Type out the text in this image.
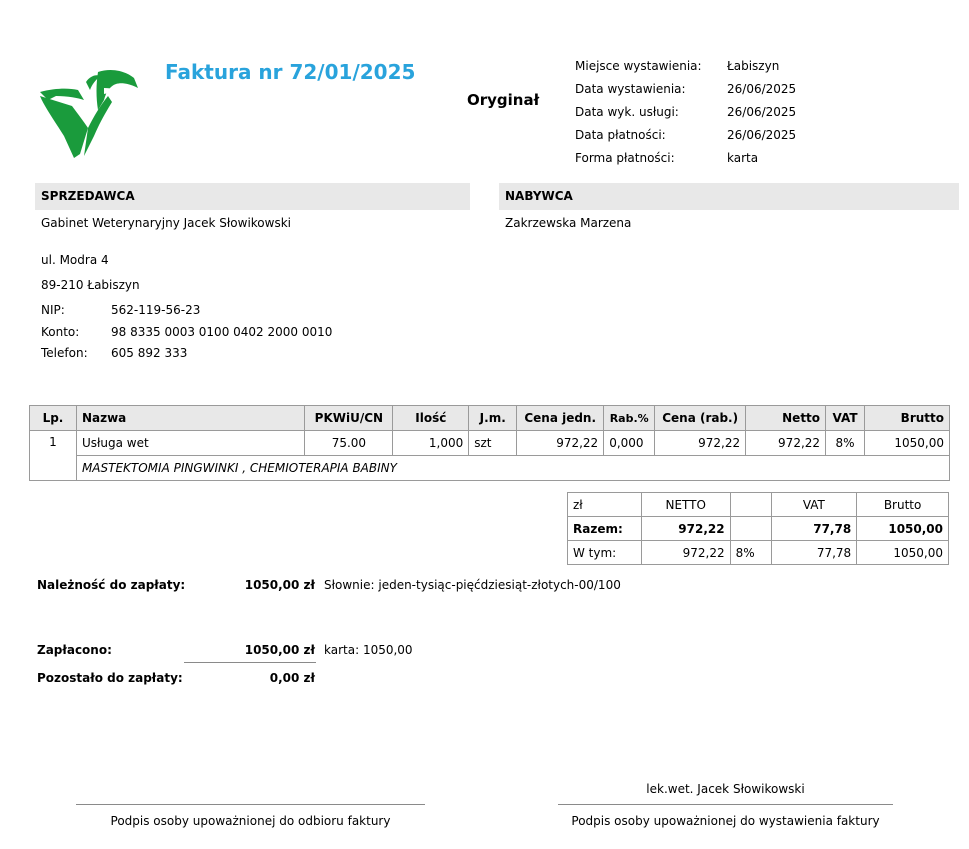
Faktura nr 72/01/2025
Oryginał
Miejsce wystawienia:	Łabiszyn
Data wystawienia:	26/06/2025
Data wyk. usługi:	26/06/2025
Data płatności:	26/06/2025
Forma płatności:	karta
SPRZEDAWCA	NABYWCA
Gabinet Weterynaryjny Jacek Słowikowski	Zakrzewska Marzena
ul. Modra 4
89-210 Łabiszyn
NIP:	562-119-56-23
Konto:	98 8335 0003 0100 0402 2000 0010
Telefon: 605 892 333
Lp.	Nazwa	PKWiU/CN	Ilość	J.m.	Cena jedn.	Rab.%	Cena (rab.)	Netto	VAT	Brutto
1	Usługa wet	75.00	1,000	szt	972,22	0,000	972,22	972,22	8%	1050,00
	MASTEKTOMIA PINGWINKI , CHEMIOTERAPIA BABINY									
zł	NETTO		VAT	Brutto
Razem:	972,22		77,78	1050,00
W tym:	972,22	8%	77,78	1050,00
Należność do zapłaty:	1050,00 zł Słownie: jeden-tysiąc-pięćdziesiąt-złotych-00/100
Zapłacono:	1050,00 zł karta: 1050,00
Pozostało do zapłaty:	0,00 zł
lek.wet. Jacek Słowikowski
Podpis osoby upoważnionej do odbioru faktury	Podpis osoby upoważnionej do wystawienia faktury
